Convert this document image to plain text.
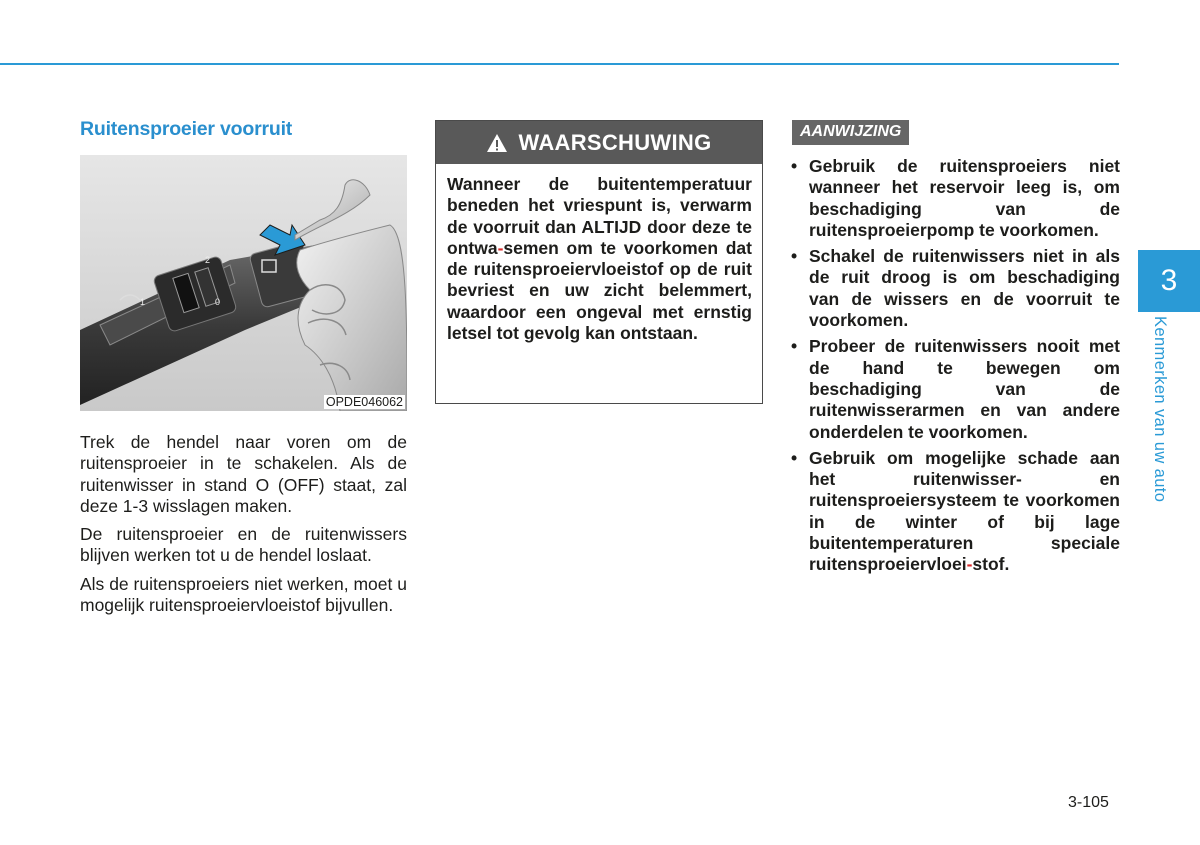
Ruitensproeier voorruit
2
0
1
OPDE046062

Trek de hendel naar voren om de ruitensproeier in te schakelen. Als de ruitenwisser in stand O (OFF) staat, zal deze 1-3 wisslagen maken.

De ruitensproeier en de ruitenwissers blijven werken tot u de hendel loslaat.

Als de ruitensproeiers niet werken, moet u mogelijk ruitensproeiervloeistof bijvullen.

WAARSCHUWING

Wanneer de buitentemperatuur beneden het vriespunt is, verwarm de voorruit dan ALTIJD door deze te ontwa-semen om te voorkomen dat de ruitensproeiervloeistof op de ruit bevriest en uw zicht belemmert, waardoor een ongeval met ernstig letsel tot gevolg kan ontstaan.

AANWIJZING
• Gebruik de ruitensproeiers niet wanneer het reservoir leeg is, om beschadiging van de ruitensproeierpomp te voorkomen.
• Schakel de ruitenwissers niet in als de ruit droog is om beschadiging van de wissers en de voorruit te voorkomen.
• Probeer de ruitenwissers nooit met de hand te bewegen om beschadiging van de ruitenwisserarmen en van andere onderdelen te voorkomen.
• Gebruik om mogelijke schade aan het ruitenwisser- en ruitensproeiersysteem te voorkomen in de winter of bij lage buitentemperaturen speciale ruitensproeiervloei-stof.
3
Kenmerken van uw auto
3-105
